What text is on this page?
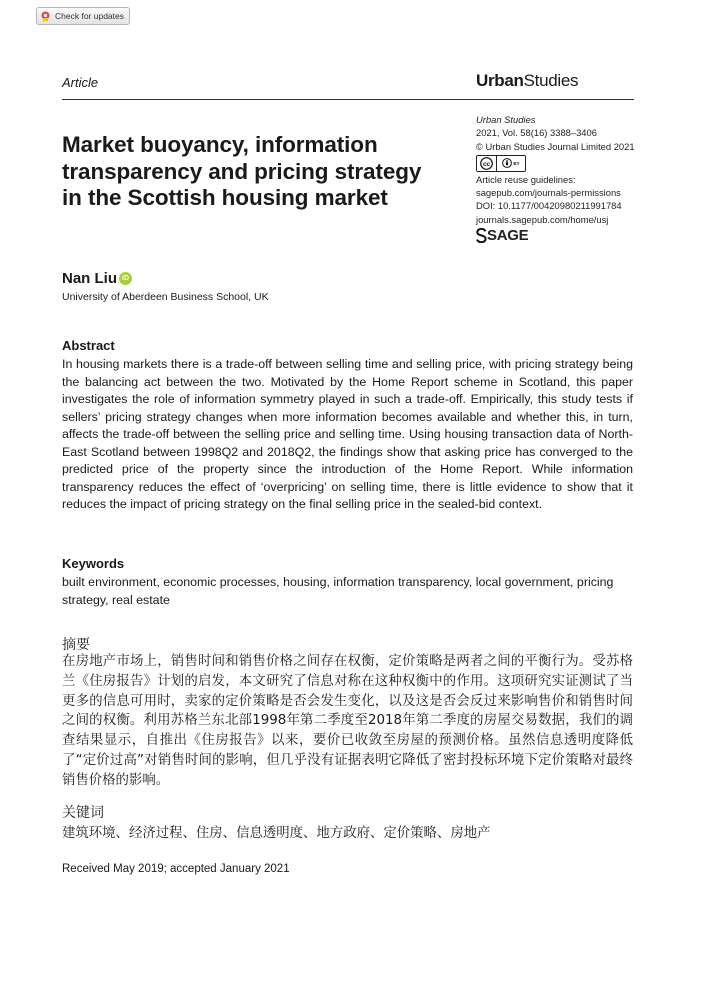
Check for updates
Article	UrbanStudies
Market buoyancy, information transparency and pricing strategy in the Scottish housing market
Urban Studies
2021, Vol. 58(16) 3388–3406
© Urban Studies Journal Limited 2021
cc	BY
Article reuse guidelines:
sagepub.com/journals-permissions
DOI: 10.1177/00420980211991784
journals.sagepub.com/home/usj
SAGE
Nan Liu iD
University of Aberdeen Business School, UK
Abstract

In housing markets there is a trade-off between selling time and selling price, with pricing strategy being the balancing act between the two. Motivated by the Home Report scheme in Scotland, this paper investigates the role of information symmetry played in such a trade-off. Empirically, this study tests if sellers’ pricing strategy changes when more information becomes available and whether this, in turn, affects the trade-off between the selling price and selling time. Using housing transaction data of North-East Scotland between 1998Q2 and 2018Q2, the findings show that asking price has converged to the predicted price of the property since the introduction of the Home Report. While information transparency reduces the effect of ‘overpricing’ on selling time, there is little evidence to show that it reduces the impact of pricing strategy on the final selling price in the sealed-bid context.

Keywords

built environment, economic processes, housing, information transparency, local government, pricing strategy, real estate

摘要

在房地产市场上，销售时间和销售价格之间存在权衡，定价策略是两者之间的平衡行为。受苏格兰《住房报告》计划的启发，本文研究了信息对称在这种权衡中的作用。这项研究实证测试了当更多的信息可用时，卖家的定价策略是否会发生变化，以及这是否会反过来影响售价和销售时间之间的权衡。利用苏格兰东北部1998年第二季度至2018年第二季度的房屋交易数据，我们的调查结果显示，自推出《住房报告》以来，要价已收敛至房屋的预测价格。虽然信息透明度降低了“定价过高”对销售时间的影响，但几乎没有证据表明它降低了密封投标环境下定价策略对最终销售价格的影响。

关键词
建筑环境、经济过程、住房、信息透明度、地方政府、定价策略、房地产
Received May 2019; accepted January 2021
